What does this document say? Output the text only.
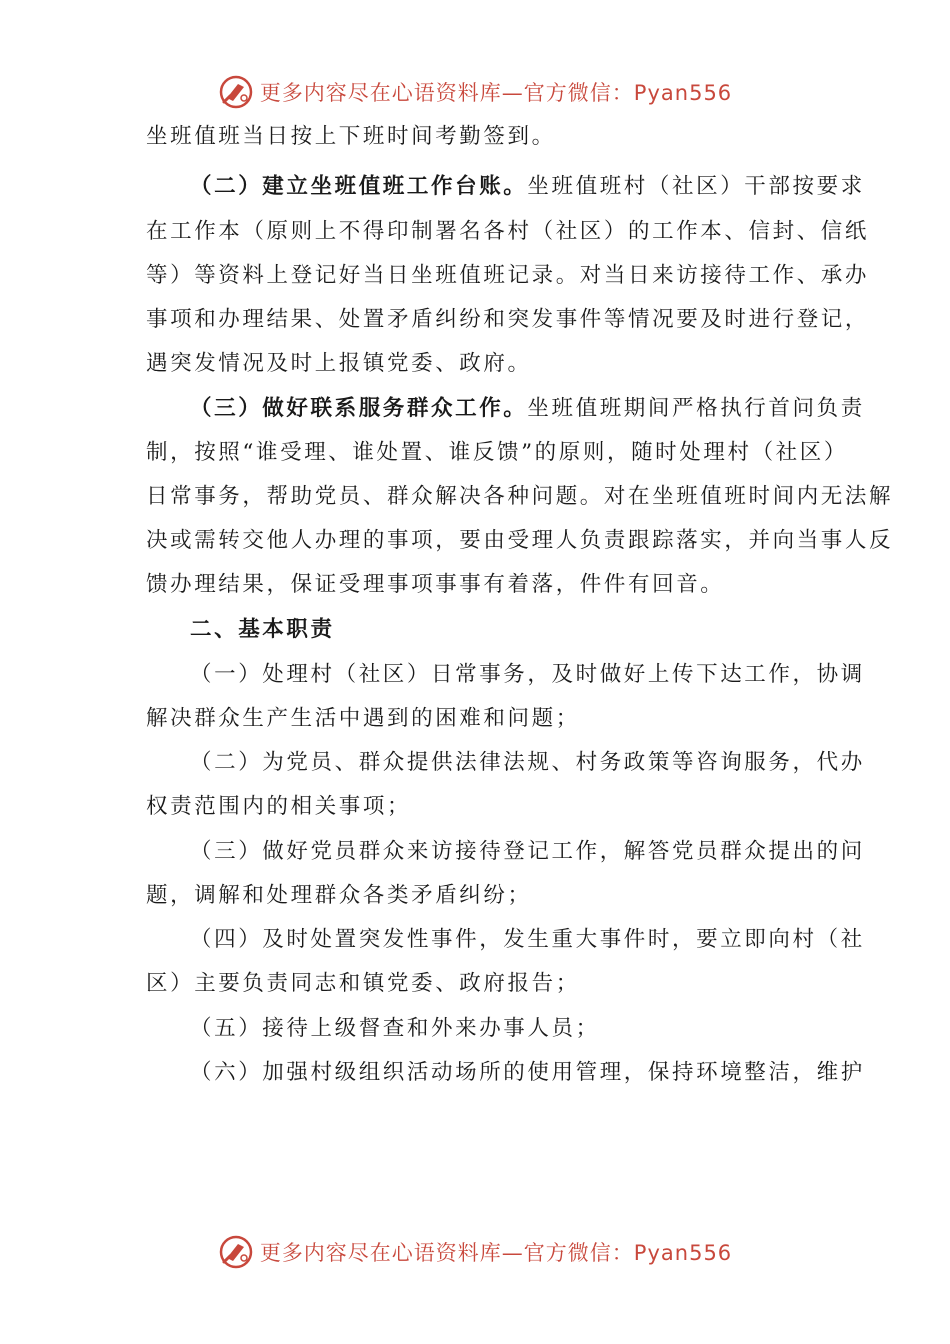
更多内容尽在心语资料库—官方微信：Pyan556
坐班值班当日按上下班时间考勤签到。
（二）建立坐班值班工作台账。坐班值班村（社区）干部按要求
在工作本（原则上不得印制署名各村（社区）的工作本、信封、信纸
等）等资料上登记好当日坐班值班记录。对当日来访接待工作、承办
事项和办理结果、处置矛盾纠纷和突发事件等情况要及时进行登记，
遇突发情况及时上报镇党委、政府。
（三）做好联系服务群众工作。坐班值班期间严格执行首问负责
制，按照“谁受理、谁处置、谁反馈”的原则，随时处理村（社区）
日常事务，帮助党员、群众解决各种问题。对在坐班值班时间内无法解
决或需转交他人办理的事项，要由受理人负责跟踪落实，并向当事人反
馈办理结果，保证受理事项事事有着落，件件有回音。
二、基本职责
（一）处理村（社区）日常事务，及时做好上传下达工作，协调
解决群众生产生活中遇到的困难和问题；
（二）为党员、群众提供法律法规、村务政策等咨询服务，代办
权责范围内的相关事项；
（三）做好党员群众来访接待登记工作，解答党员群众提出的问
题，调解和处理群众各类矛盾纠纷；
（四）及时处置突发性事件，发生重大事件时，要立即向村（社
区）主要负责同志和镇党委、政府报告；
（五）接待上级督查和外来办事人员；
（六）加强村级组织活动场所的使用管理，保持环境整洁，维护
更多内容尽在心语资料库—官方微信：Pyan556
